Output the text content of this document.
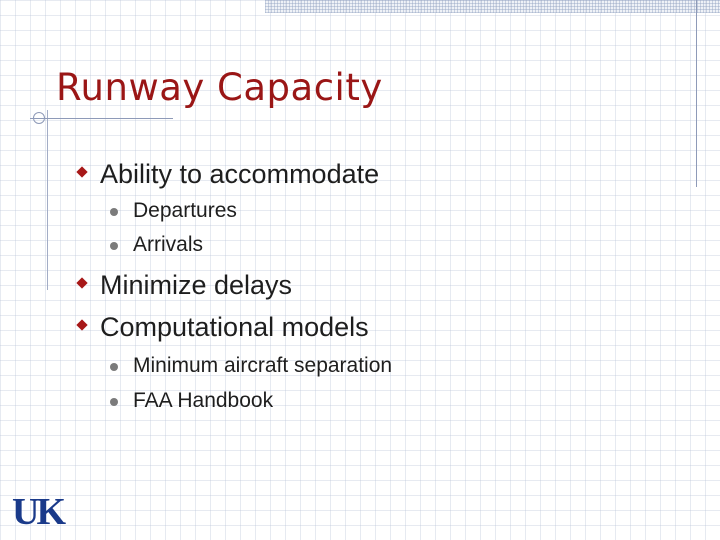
Runway Capacity
Ability to accommodate
Departures
Arrivals
Minimize delays
Computational models
Minimum aircraft separation
FAA Handbook
UK
